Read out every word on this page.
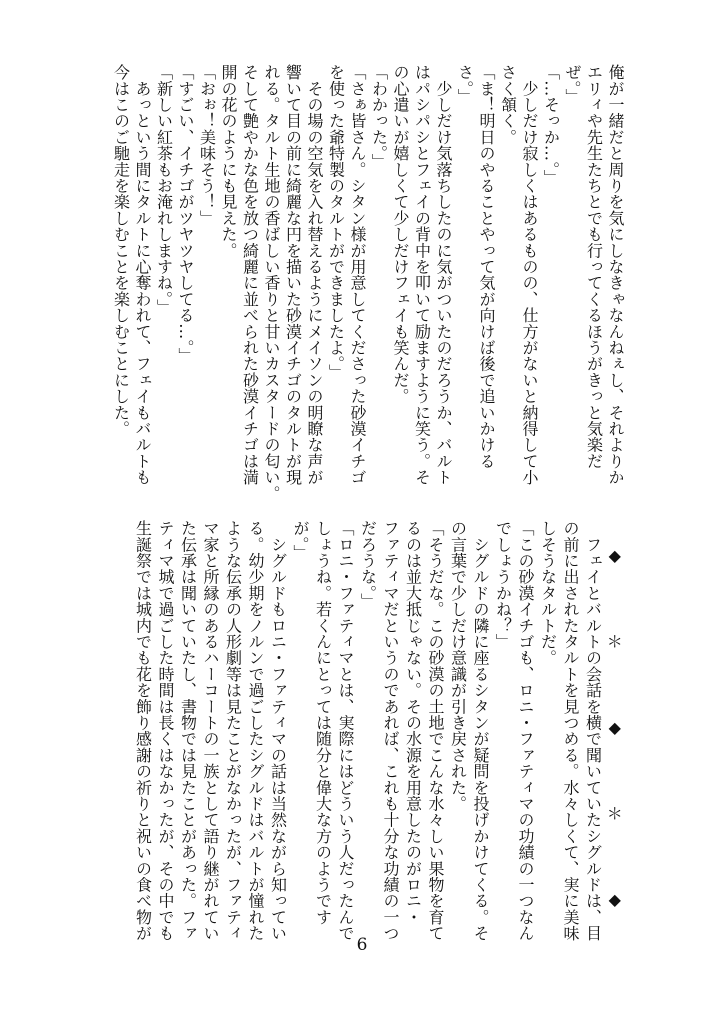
俺が一緒だと周りを気にしなきゃなんねぇし、それよりか
エリィや先生たちとでも行ってくるほうがきっと気楽だ
ぜ。」
「…そっか…。」
　少しだけ寂しくはあるものの、仕方がないと納得して小
さく頷く。
「ま！明日のやることやって気が向けば後で追いかける
さ。」
　少しだけ気落ちしたのに気がついたのだろうか、バルト
はパシパシとフェイの背中を叩いて励ますように笑う。そ
の心遣いが嬉しくて少しだけフェイも笑んだ。
「わかった。」
「さぁ皆さん。シタン様が用意してくださった砂漠イチゴ
を使った爺特製のタルトができましたよ。」
　その場の空気を入れ替えるようにメイソンの明瞭な声が
響いて目の前に綺麗な円を描いた砂漠イチゴのタルトが現
れる。タルト生地の香ばしい香りと甘いカスタードの匂い。
そして艶やかな色を放つ綺麗に並べられた砂漠イチゴは満
開の花のようにも見えた。
「おぉ！美味そう！」
「すごい、イチゴがツヤツヤしてる…。」
「新しい紅茶もお淹れしますね。」
　あっという間にタルトに心奪われて、フェイもバルトも
今はこのご馳走を楽しむことを楽しむことにした。
◆
＊
◆
＊
◆
　フェイとバルトの会話を横で聞いていたシグルドは、目
の前に出されたタルトを見つめる。水々しくて、実に美味
しそうなタルトだ。
「この砂漠イチゴも、ロニ・ファティマの功績の一つなん
でしょうかね？」
　シグルドの隣に座るシタンが疑問を投げかけてくる。そ
の言葉で少しだけ意識が引き戻された。
「そうだな。この砂漠の土地でこんな水々しい果物を育て
るのは並大抵じゃない。その水源を用意したのがロニ・
ファティマだというのであれば、これも十分な功績の一つ
だろうな。」
「ロニ・ファティマとは、実際にはどういう人だったんで
しょうね。若くんにとっては随分と偉大な方のようです
が。」
　シグルドもロニ・ファティマの話は当然ながら知ってい
る。幼少期をノルンで過ごしたシグルドはバルトが憧れた
ような伝承の人形劇等は見たことがなかったが、ファティ
マ家と所縁のあるハーコートの一族として語り継がれてい
た伝承は聞いていたし、書物では見たことがあった。ファ
ティマ城で過ごした時間は長くはなかったが、その中でも
生誕祭では城内でも花を飾り感謝の祈りと祝いの食べ物が
6
